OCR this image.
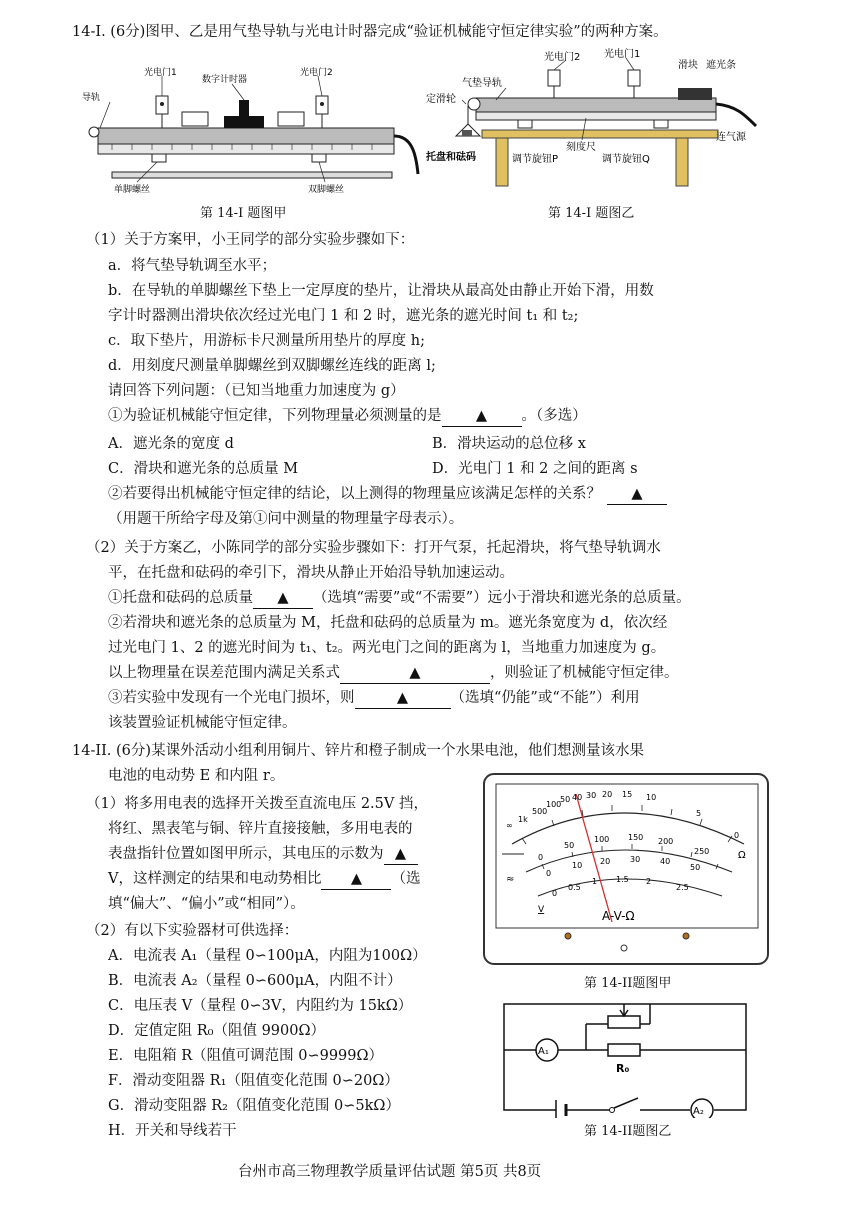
14-I. (6分)图甲、乙是用气垫导轨与光电计时器完成“验证机械能守恒定律实验”的两种方案。
光电门1
数字计时器
光电门2
导轨
单脚螺丝	双脚螺丝
第 14-I 题图甲
光电门2 光电门1
滑块 遮光条
气垫导轨
定滑轮
刻度尺
连气源
托盘和砝码	调节旋钮P	调节旋钮Q
第 14-I 题图乙
（1）关于方案甲，小王同学的部分实验步骤如下：
a．将气垫导轨调至水平；
b．在导轨的单脚螺丝下垫上一定厚度的垫片，让滑块从最高处由静止开始下滑，用数
字计时器测出滑块依次经过光电门 1 和 2 时，遮光条的遮光时间 t₁ 和 t₂;
c．取下垫片，用游标卡尺测量所用垫片的厚度 h;
d．用刻度尺测量单脚螺丝到双脚螺丝连线的距离 l;
请回答下列问题：（已知当地重力加速度为 g）
①为验证机械能守恒定律，下列物理量必须测量的是 ▲ 。（多选）
A．遮光条的宽度 d	B．滑块运动的总位移 x
C．滑块和遮光条的总质量 M	D．光电门 1 和 2 之间的距离 s
②若要得出机械能守恒定律的结论，以上测得的物理量应该满足怎样的关系？ ▲
（用题干所给字母及第①问中测量的物理量字母表示）。
（2）关于方案乙，小陈同学的部分实验步骤如下：打开气泵，托起滑块，将气垫导轨调水
平，在托盘和砝码的牵引下，滑块从静止开始沿导轨加速运动。
①托盘和砝码的总质量 ▲ （选填“需要”或“不需要”）远小于滑块和遮光条的总质量。
②若滑块和遮光条的总质量为 M，托盘和砝码的总质量为 m。遮光条宽度为 d，依次经
过光电门 1、2 的遮光时间为 t₁、t₂。两光电门之间的距离为 l，当地重力加速度为 g。
以上物理量在误差范围内满足关系式	▲	，则验证了机械能守恒定律。
③若实验中发现有一个光电门损坏，则	▲	（选填“仍能”或“不能”）利用
该装置验证机械能守恒定律。
14-II. (6分)某课外活动小组利用铜片、锌片和橙子制成一个水果电池，他们想测量该水果
电池的电动势 E 和内阻 r。
（1）将多用电表的选择开关拨至直流电压 2.5V 挡，
将红、黑表笔与铜、锌片直接接触，多用电表的
表盘指针位置如图甲所示，其电压的示数为 ▲
V，这样测定的结果和电动势相比 ▲ （选
填“偏大”、“偏小”或“相同”）。
（2）有以下实验器材可供选择：
A．电流表 A₁（量程 0∽100μA，内阻为100Ω）
B．电流表 A₂（量程 0∽600μA，内阻不计）
C．电压表 V（量程 0∽3V，内阻约为 15kΩ）
D．定值定阻 R₀（阻值 9900Ω）
E．电阻箱 R（阻值可调范围 0∽9999Ω）
F．滑动变阻器 R₁（阻值变化范围 0∽20Ω）
G．滑动变阻器 R₂（阻值变化范围 0∽5kΩ）
H．开关和导线若干
∞
1k
500
100
50 40 30 20 15 10
5
0
Ω
0
50
100 150 200
250
0
10 20 30 40
50
0
0.5
1 1.5 2
2.5
≈
V	A-V-Ω
第 14-II题图甲
R₀
A₁
A₂
第 14-II题图乙
台州市高三物理教学质量评估试题 第5页 共8页
